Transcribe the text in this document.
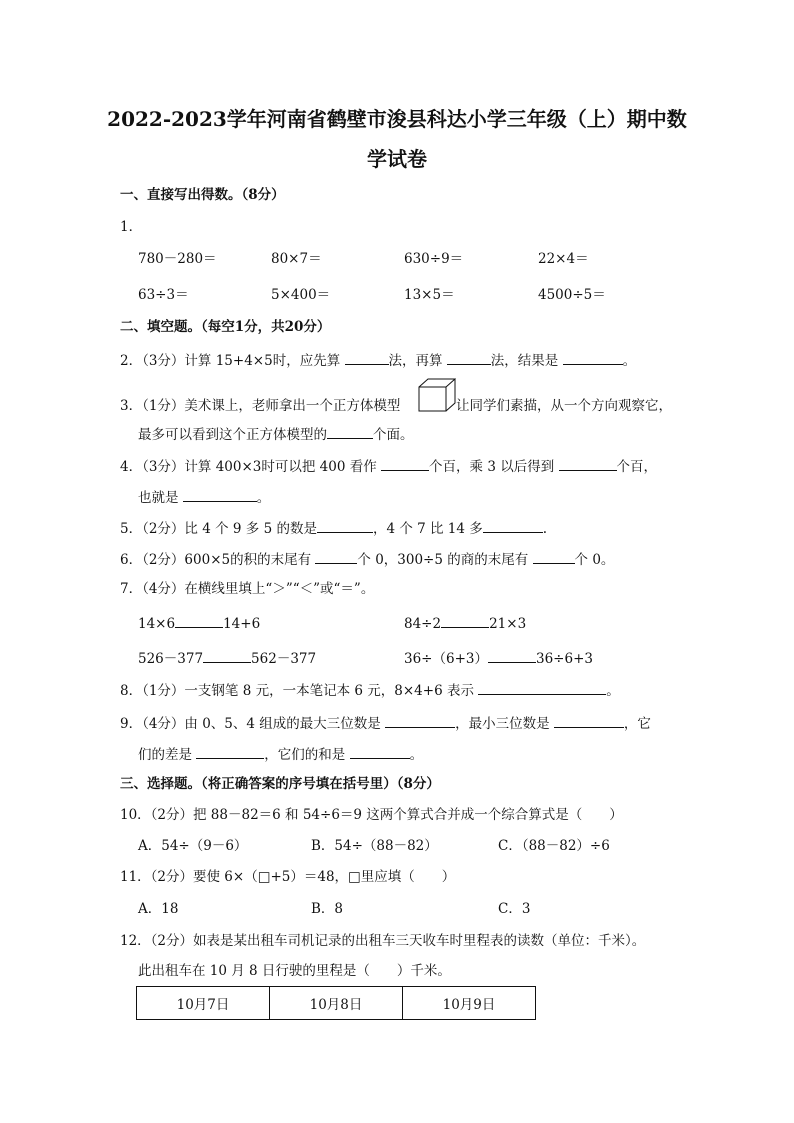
2022-2023学年河南省鹤壁市浚县科达小学三年级（上）期中数
学试卷
一、直接写出得数。（8分）
1．
780－280＝	80×7＝	630÷9＝	22×4＝
63÷3＝	5×400＝	13×5＝	4500÷5＝
二、填空题。（每空1分，共20分）
2．（3分）计算 15+4×5时，应先算	法，再算	法，结果是	。
3．（1分）美术课上，老师拿出一个正方体模型	让同学们素描，从一个方向观察它，
最多可以看到这个正方体模型的	个面。
4．（3分）计算 400×3时可以把 400 看作	个百，乘 3 以后得到	个百，
也就是	。
5．（2分）比 4 个 9 多 5 的数是	，4 个 7 比 14 多	.
6．（2分）600×5的积的末尾有	个 0，300÷5 的商的末尾有	个 0。
7．（4分）在横线里填上“＞”“＜”或“＝”。
14×6	14+6	84÷2	21×3
526－377	562－377	36÷（6+3）	36÷6+3
8．（1分）一支钢笔 8 元，一本笔记本 6 元，8×4+6 表示	。
9．（4分）由 0、5、4 组成的最大三位数是	，最小三位数是	，它
们的差是	，它们的和是	。
三、选择题。（将正确答案的序号填在括号里）（8分）
10．（2分）把 88－82＝6 和 54÷6＝9 这两个算式合并成一个综合算式是（　　）
A．54÷（9－6）	B．54÷（88－82）	C．（88－82）÷6
11．（2分）要使 6×（□+5）＝48，□里应填（　　）
A．18	B．8	C．3
12．（2分）如表是某出租车司机记录的出租车三天收车时里程表的读数（单位：千米）。
此出租车在 10 月 8 日行驶的里程是（　　）千米。
10月7日	10月8日	10月9日
